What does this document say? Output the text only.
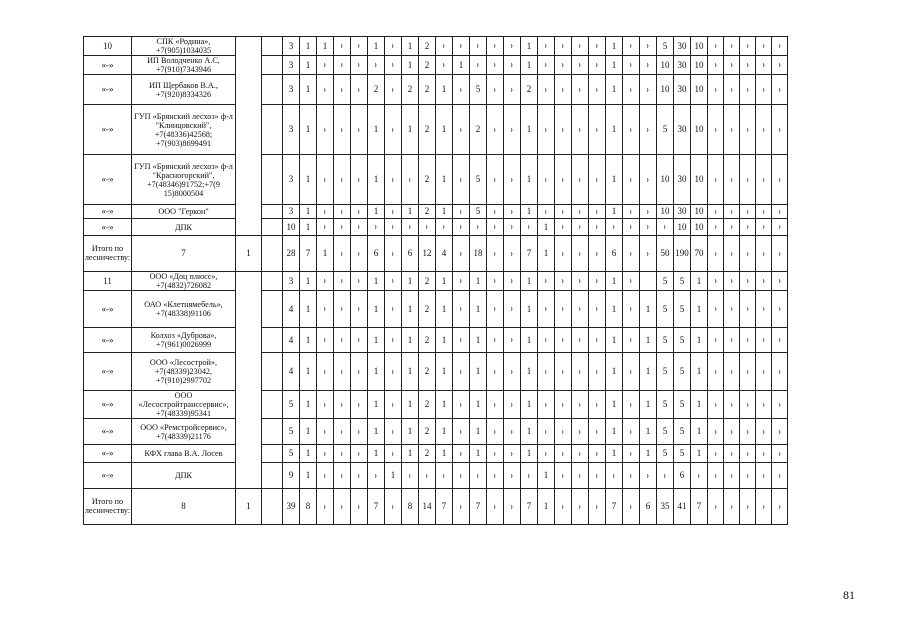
10	СПК «Родина», +7(905)1034035			3	1	1	-.-	-.-	1	-.-	1	2	-.-	-.-	-.-	-.-	-.-	1	-.-	-.-	-.-	-.-	1	-.-	-.-	5	30	10	-.-	-.-	-.-	-.-	-.-
«-»	ИП Володченко А.С, +7(910)7343946			3	1	-.-	-.-	-.-	-.-	-.-	1	2	-.-	1	-.-	-.-	-.-	1	-.-	-.-	-.-	-.-	1	-.-	-.-	10	30	10	-.-	-.-	-.-	-.-	-.-
«-»	ИП Щербаков В.А., +7(920)8334326			3	1	-.-	-.-	-.-	2	-.-	2	2	1	-.-	5	-.-	-.-	2	-.-	-.-	-.-	-.-	1	-.-	-.-	10	30	10	-.-	-.-	-.-	-.-	-.-
«-»	ГУП «Брянский лесхоз» ф-л "Клинцовский", +7(48336)42568; +7(903)8699491			3	1	-.-	-.-	-.-	1	-.-	1	2	1	-.-	2	-.-	-.-	1	-.-	-.-	-.-	-.-	1	-.-	-.-	5	30	10	-.-	-.-	-.-	-.-	-.-
«-»	ГУП «Брянский лесхоз» ф-л "Красногорский", +7(48346)91752;+7(9 15)8000504			3	1	-.-	-.-	-.-	1	-.-	-.-	2	1	-.-	5	-.-	-.-	1	-.-	-.-	-.-	-.-	1	-.-	-.-	10	30	10	-.-	-.-	-.-	-.-	-.-
«-»	ООО "Геркон"			3	1	-.-	-.-	-.-	1	-.-	1	2	1	-.-	5	-.-	-.-	1	-.-	-.-	-.-	-.-	1	-.-	-.-	10	30	10	-.-	-.-	-.-	-.-	-.-
«-»	ДПК			10	1	-.-	-.-	-.-	-.-	-.-	-.-	-.-	-.-	-.-	-.-	-.-	-.-	-.-	1	-.-	-.-	-.-	-.-	-.-	-.-	-.-	10	10	-.-	-.-	-.-	-.-	-.-
Итого по лесничеству:	7	1		28	7	1	-.-	-.-	6	-.-	6	12	4	-.-	18	-.-	-.-	7	1	-.-	-.-	-.-	6	-.-	-.-	50	190	70	-.-	-.-	-.-	-.-	-.-
11	ООО «Доц плюсс», +7(4832)726082			3	1	-.-	-.-	-.-	1	-.-	1	2	1	-.-	1	-.-	-.-	1	-.-	-.-	-.-	-.-	1	-.-		5	5	1	-.-	-.-	-.-	-.-	-.-
«-»	ОАО «Клетнямебель», +7(48338)91106			4	1	-.-	-.-	-.-	1	-.-	1	2	1	-.-	1	-.-	-.-	1	-.-	-.-	-.-	-.-	1	-.-	1	5	5	1	-.-	-.-	-.-	-.-	-.-
«-»	Колхоз «Дуброва», +7(961)0026999			4	1	-.-	-.-	-.-	1	-.-	1	2	1	-.-	1	-.-	-.-	1	-.-	-.-	-.-	-.-	1	-.-	1	5	5	1	-.-	-.-	-.-	-.-	-.-
«-»	ООО «Лесострой», +7(48339)23042, +7(910)2997702			4	1	-.-	-.-	-.-	1	-.-	1	2	1	-.-	1	-.-	-.-	1	-.-	-.-	-.-	-.-	1	-.-	1	5	5	1	-.-	-.-	-.-	-.-	-.-
«-»	ООО «Лесостройтранссервис», +7(48339)95341			5	1	-.-	-.-	-.-	1	-.-	1	2	1	-.-	1	-.-	-.-	1	-.-	-.-	-.-	-.-	1	-.-	1	5	5	1	-.-	-.-	-.-	-.-	-.-
«-»	ООО «Ремстройсервис», +7(48339)21176			5	1	-.-	-.-	-.-	1	-.-	1	2	1	-.-	1	-.-	-.-	1	-.-	-.-	-.-	-.-	1	-.-	1	5	5	1	-.-	-.-	-.-	-.-	-.-
«-»	КФХ глава В.А. Лосев			5	1	-.-	-.-	-.-	1	-.-	1	2	1	-.-	1	-.-	-.-	1	-.-	-.-	-.-	-.-	1	-.-	1	5	5	1	-.-	-.-	-.-	-.-	-.-
«-»	ДПК			9	1	-.-	-.-	-.-	-.-	1	-.-	-.-	-.-	-.-	-.-	-.-	-.-	-.-	1	-.-	-.-	-.-	-.-	-.-	-.-	-.-	6	-.-	-.-	-.-	-.-	-.-	-.-
Итого по лесничеству:	8	1		39	8	-.-	-.-	-.-	7	-.-	8	14	7	-.-	7	-.-	-.-	7	1	-.-	-.-	-.-	7	-.-	6	35	41	7	-.-	-.-	-.-	-.-	-.-
81
